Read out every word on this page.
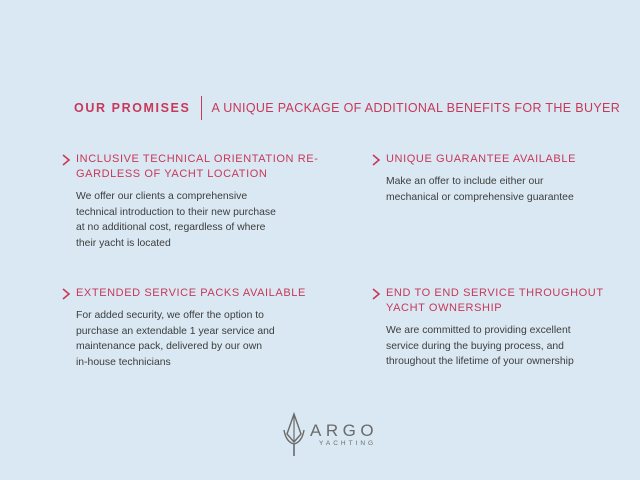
OUR PROMISES A UNIQUE PACKAGE OF ADDITIONAL BENEFITS FOR THE BUYER
INCLUSIVE TECHNICAL ORIENTATION RE-
GARDLESS OF YACHT LOCATION
We offer our clients a comprehensive
technical introduction to their new purchase
at no additional cost, regardless of where
their yacht is located
UNIQUE GUARANTEE AVAILABLE
Make an offer to include either our
mechanical or comprehensive guarantee
EXTENDED SERVICE PACKS AVAILABLE
For added security, we offer the option to
purchase an extendable 1 year service and
maintenance pack, delivered by our own
in-house technicians
END TO END SERVICE THROUGHOUT
YACHT OWNERSHIP
We are committed to providing excellent
service during the buying process, and
throughout the lifetime of your ownership
ARGO
YACHTING
